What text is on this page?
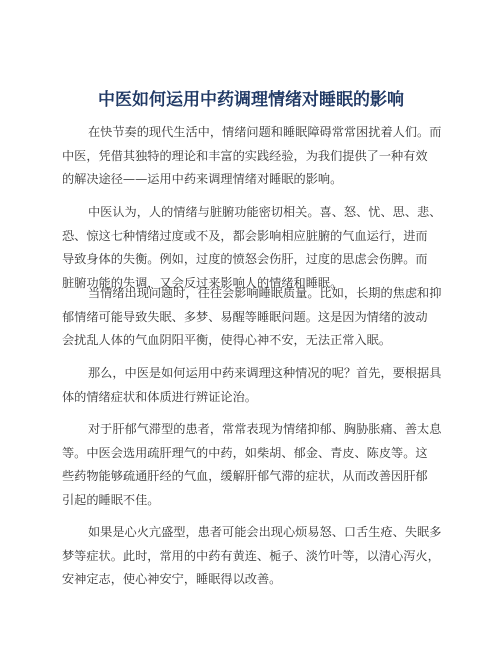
中医如何运用中药调理情绪对睡眠的影响

在快节奏的现代生活中，情绪问题和睡眠障碍常常困扰着人们。而
中医，凭借其独特的理论和丰富的实践经验，为我们提供了一种有效
的解决途径——运用中药来调理情绪对睡眠的影响。

中医认为，人的情绪与脏腑功能密切相关。喜、怒、忧、思、悲、
恐、惊这七种情绪过度或不及，都会影响相应脏腑的气血运行，进而
导致身体的失衡。例如，过度的愤怒会伤肝，过度的思虑会伤脾。而
脏腑功能的失调，又会反过来影响人的情绪和睡眠。

当情绪出现问题时，往往会影响睡眠质量。比如，长期的焦虑和抑
郁情绪可能导致失眠、多梦、易醒等睡眠问题。这是因为情绪的波动
会扰乱人体的气血阴阳平衡，使得心神不安，无法正常入眠。

那么，中医是如何运用中药来调理这种情况的呢？首先，要根据具
体的情绪症状和体质进行辨证论治。

对于肝郁气滞型的患者，常常表现为情绪抑郁、胸胁胀痛、善太息
等。中医会选用疏肝理气的中药，如柴胡、郁金、青皮、陈皮等。这
些药物能够疏通肝经的气血，缓解肝郁气滞的症状，从而改善因肝郁
引起的睡眠不佳。

如果是心火亢盛型，患者可能会出现心烦易怒、口舌生疮、失眠多
梦等症状。此时，常用的中药有黄连、栀子、淡竹叶等，以清心泻火，
安神定志，使心神安宁，睡眠得以改善。
